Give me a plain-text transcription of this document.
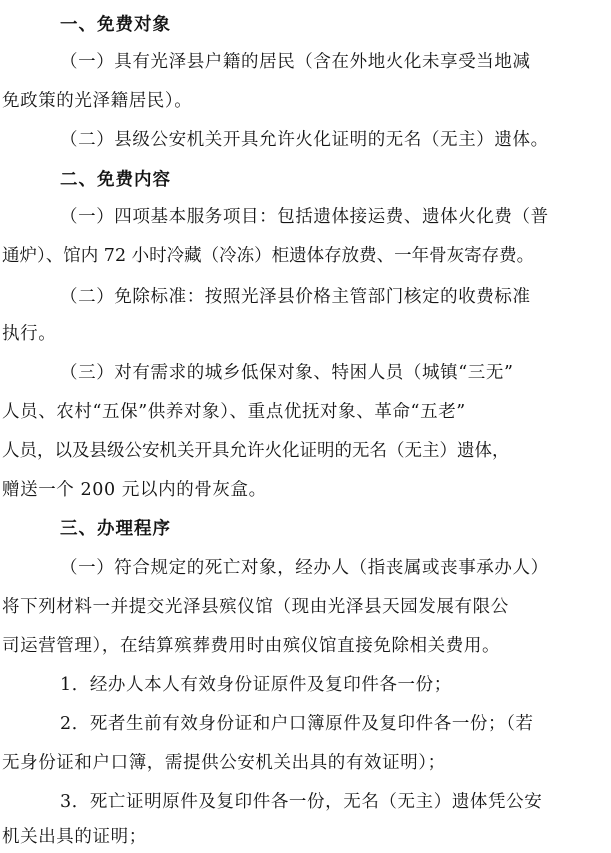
一、免费对象
（一）具有光泽县户籍的居民（含在外地火化未享受当地减
免政策的光泽籍居民）。
（二）县级公安机关开具允许火化证明的无名（无主）遗体。
二、免费内容
（一）四项基本服务项目：包括遗体接运费、遗体火化费（普
通炉）、馆内 72 小时冷藏（冷冻）柜遗体存放费、一年骨灰寄存费。
（二）免除标准：按照光泽县价格主管部门核定的收费标准
执行。
（三）对有需求的城乡低保对象、特困人员（城镇“三无”
人员、农村“五保”供养对象）、重点优抚对象、革命“五老”
人员，以及县级公安机关开具允许火化证明的无名（无主）遗体，
赠送一个 200 元以内的骨灰盒。
三、办理程序
（一）符合规定的死亡对象，经办人（指丧属或丧事承办人）
将下列材料一并提交光泽县殡仪馆（现由光泽县天园发展有限公
司运营管理），在结算殡葬费用时由殡仪馆直接免除相关费用。
1．经办人本人有效身份证原件及复印件各一份；
2．死者生前有效身份证和户口簿原件及复印件各一份；（若
无身份证和户口簿，需提供公安机关出具的有效证明）；
3．死亡证明原件及复印件各一份，无名（无主）遗体凭公安
机关出具的证明；
